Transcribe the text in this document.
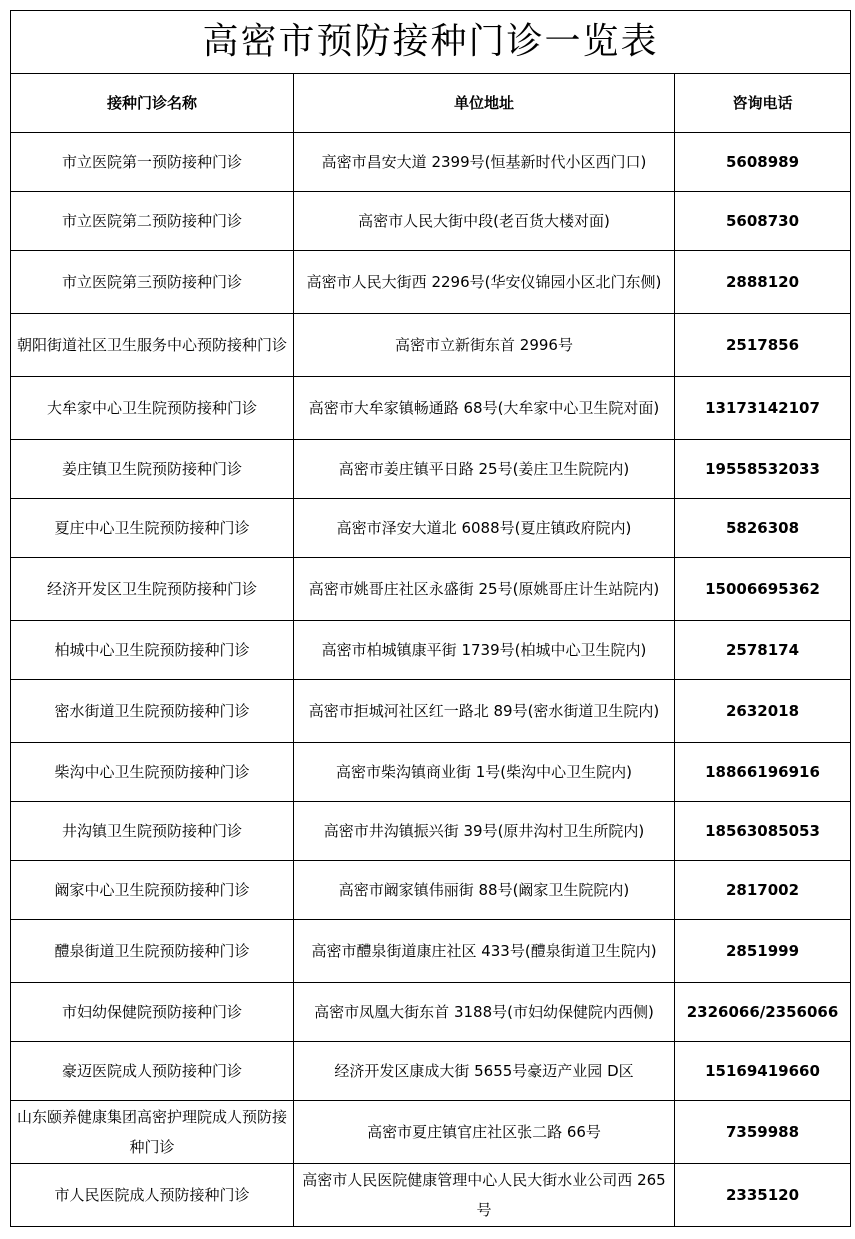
高密市预防接种门诊一览表		
接种门诊名称	单位地址	咨询电话
市立医院第一预防接种门诊	高密市昌安大道 2399号(恒基新时代小区西门口)	5608989
市立医院第二预防接种门诊	高密市人民大街中段(老百货大楼对面)	5608730
市立医院第三预防接种门诊	高密市人民大街西 2296号(华安仪锦园小区北门东侧)	2888120
朝阳街道社区卫生服务中心预防接种门诊	高密市立新街东首 2996号	2517856
大牟家中心卫生院预防接种门诊	高密市大牟家镇畅通路 68号(大牟家中心卫生院对面)	13173142107
姜庄镇卫生院预防接种门诊	高密市姜庄镇平日路 25号(姜庄卫生院院内)	19558532033
夏庄中心卫生院预防接种门诊	高密市泽安大道北 6088号(夏庄镇政府院内)	5826308
经济开发区卫生院预防接种门诊	高密市姚哥庄社区永盛街 25号(原姚哥庄计生站院内)	15006695362
柏城中心卫生院预防接种门诊	高密市柏城镇康平街 1739号(柏城中心卫生院内)	2578174
密水街道卫生院预防接种门诊	高密市拒城河社区红一路北 89号(密水街道卫生院内)	2632018
柴沟中心卫生院预防接种门诊	高密市柴沟镇商业街 1号(柴沟中心卫生院内)	18866196916
井沟镇卫生院预防接种门诊	高密市井沟镇振兴街 39号(原井沟村卫生所院内)	18563085053
阚家中心卫生院预防接种门诊	高密市阚家镇伟丽街 88号(阚家卫生院院内)	2817002
醴泉街道卫生院预防接种门诊	高密市醴泉街道康庄社区 433号(醴泉街道卫生院内)	2851999
市妇幼保健院预防接种门诊	高密市凤凰大街东首 3188号(市妇幼保健院内西侧)	2326066/2356066
豪迈医院成人预防接种门诊	经济开发区康成大街 5655号豪迈产业园 D区	15169419660
山东颐养健康集团高密护理院成人预防接种门诊	高密市夏庄镇官庄社区张二路 66号	7359988
市人民医院成人预防接种门诊	高密市人民医院健康管理中心人民大街水业公司西 265号	2335120
